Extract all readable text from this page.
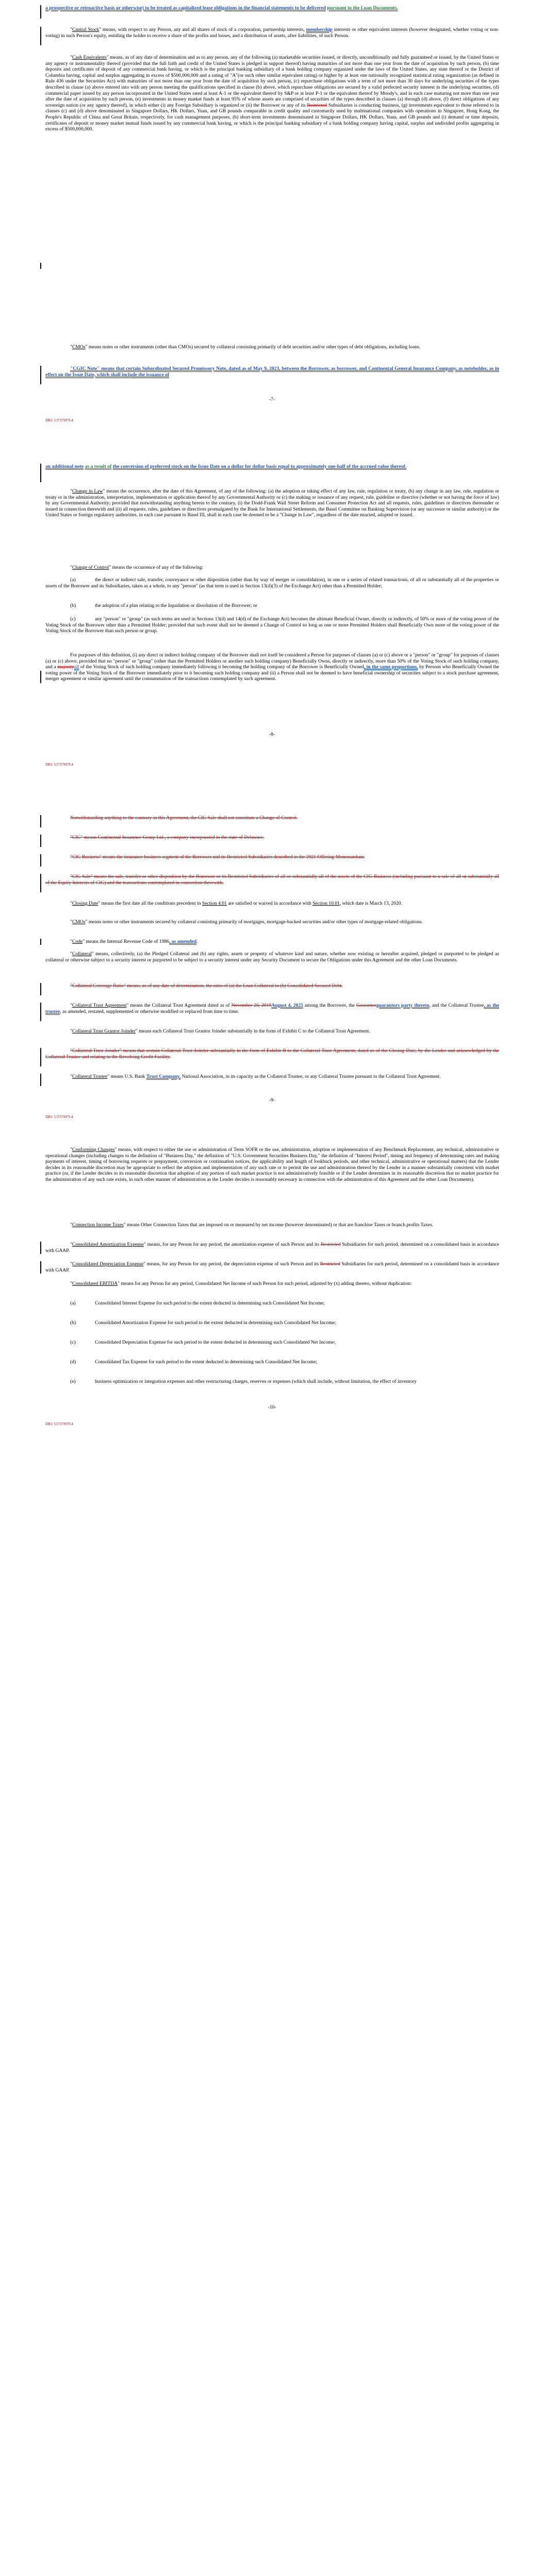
a prospective or retroactive basis or otherwise) to be treated as capitalized lease obligations in the financial statements to be delivered pursuant to the Loan Documents.

"Capital Stock" means, with respect to any Person, any and all shares of stock of a corporation, partnership interests, membership interests or other equivalent interests (however designated, whether voting or non-voting) in such Person's equity, entitling the holder to receive a share of the profits and losses, and a distribution of assets, after liabilities, of such Person.

"Cash Equivalents" means, as of any date of determination and as to any person, any of the following (a) marketable securities issued, or directly, unconditionally and fully guaranteed or issued, by the United States or any agency or instrumentality thereof (provided that the full faith and credit of the United States is pledged in support thereof) having maturities of not more than one year from the date of acquisition by such person, (b) time deposits and certificates of deposit of any commercial bank having, or which is the principal banking subsidiary of a bank holding company organized under the laws of the United States, any state thereof or the District of Columbia having, capital and surplus aggregating in excess of $500,000,000 and a rating of "A"(or such other similar equivalent rating) or higher by at least one nationally recognized statistical rating organization (as defined in Rule 436 under the Securities Act) with maturities of not more than one year from the date of acquisition by such person, (c) repurchase obligations with a term of not more than 30 days for underlying securities of the types described in clause (a) above entered into with any person meeting the qualifications specified in clause (b) above, which repurchase obligations are secured by a valid perfected security interest in the underlying securities, (d) commercial paper issued by any person incorporated in the United States rated at least A-1 or the equivalent thereof by S&P or at least P-1 or the equivalent thereof by Moody's, and in each case maturing not more than one year after the date of acquisition by such person, (e) investments in money market funds at least 95% of whose assets are comprised of securities of the types described in clauses (a) through (d) above, (f) direct obligations of any sovereign nation (or any agency thereof), in which either (i) any Foreign Subsidiary is organized or (ii) the Borrower or any of its Restricted Subsidiaries is conducting business, (g) investments equivalent to those referred to in clauses (c) and (d) above denominated in Singapore Dollars, HK Dollars, Yuan, and GB pounds comparable in credit quality and customarily used by multinational companies with operations in Singapore, Hong Kong, the People's Republic of China and Great Britain, respectively, for cash management purposes, (h) short-term investments denominated in Singapore Dollars, HK Dollars, Yuan, and GB pounds and (i) demand or time deposits, certificates of deposit or money market mutual funds issued by any commercial bank having, or which is the principal banking subsidiary of a bank holding company having capital, surplus and undivided profits aggregating in excess of $500,000,000.

"CMOs" means notes or other instruments (other than CMOs) secured by collateral consisting primarily of debt securities and/or other types of debt obligations, including loans.

"CGIC Note" means that certain Subordinated Secured Promissory Note, dated as of May 9, 2023, between the Borrower, as borrower, and Continental General Insurance Company, as noteholder, as in effect on the Issue Date, which shall include the issuance of

-7-
DB1/ 137379979.4

an additional note as a result of the conversion of preferred stock on the Issue Date on a dollar for dollar basis equal to approximately one-half of the accrued value thereof.

"Change in Law" means the occurrence, after the date of this Agreement, of any of the following: (a) the adoption or taking effect of any law, rule, regulation or treaty, (b) any change in any law, rule, regulation or treaty or in the administration, interpretation, implementation or application thereof by any Governmental Authority or (c) the making or issuance of any request, rule, guideline or directive (whether or not having the force of law) by any Governmental Authority; provided that notwithstanding anything herein to the contrary, (i) the Dodd-Frank Wall Street Reform and Consumer Protection Act and all requests, rules, guidelines or directives thereunder or issued in connection therewith and (ii) all requests, rules, guidelines or directives promulgated by the Bank for International Settlements, the Basel Committee on Banking Supervision (or any successor or similar authority) or the United States or foreign regulatory authorities, in each case pursuant to Basel III, shall in each case be deemed to be a "Change in Law", regardless of the date enacted, adopted or issued.

"Change of Control" means the occurrence of any of the following:

(a)	the direct or indirect sale, transfer, conveyance or other disposition (other than by way of merger or consolidation), in one or a series of related transactions, of all or substantially all of the properties or assets of the Borrower and its Subsidiaries, taken as a whole, to any "person" (as that term is used in Section 13(d)(3) of the Exchange Act) other than a Permitted Holder;

(b)	the adoption of a plan relating to the liquidation or dissolution of the Borrower; or

(c)	any "person" or "group" (as such terms are used in Sections 13(d) and 14(d) of the Exchange Act) becomes the ultimate Beneficial Owner, directly or indirectly, of 50% or more of the voting power of the Voting Stock of the Borrower other than a Permitted Holder; provided that such event shall not be deemed a Change of Control so long as one or more Permitted Holders shall Beneficially Own more of the voting power of the Voting Stock of the Borrower than such person or group.

For purposes of this definition, (i) any direct or indirect holding company of the Borrower shall not itself be considered a Person for purposes of clauses (a) or (c) above or a "person" or "group" for purposes of clauses (a) or (c) above, provided that no "person" or "group" (other than the Permitted Holders or another such holding company) Beneficially Owns, directly or indirectly, more than 50% of the Voting Stock of such holding company, and a majorityall of the Voting Stock of such holding company immediately following it becoming the holding company of the Borrower is Beneficially Owned, in the same proportions, by Persons who Beneficially Owned the voting power of the Voting Stock of the Borrower immediately prior to it becoming such holding company and (ii) a Person shall not be deemed to have beneficial ownership of securities subject to a stock purchase agreement, merger agreement or similar agreement until the consummation of the transactions contemplated by such agreement.

-8-
DB1/ 137379979.4

Notwithstanding anything to the contrary in this Agreement, the CIG Sale shall not constitute a Change of Control.

"CIG" means Continental Insurance Group Ltd., a company incorporated in the state of Delaware.

"CIG Business" means the insurance business segment of the Borrower and its Restricted Subsidiaries described in the 2021 Offering Memorandum.

"CIG Sale" means the sale, transfer or other disposition by the Borrower or its Restricted Subsidiaries of all or substantially all of the assets of the CIG Business (including pursuant to a sale of all or substantially all of the Equity Interests of CIG) and the transactions contemplated in connection therewith.

"Closing Date" means the first date all the conditions precedent in Section 4.01 are satisfied or waived in accordance with Section 10.01, which date is March 13, 2020.

"CMOs" means notes or other instruments secured by collateral consisting primarily of mortgages, mortgage-backed securities and/or other types of mortgage-related obligations.

"Code" means the Internal Revenue Code of 1986, as amended.

"Collateral" means, collectively, (a) the Pledged Collateral and (b) any rights, assets or property of whatever kind and nature, whether now existing or hereafter acquired, pledged or purported to be pledged as collateral or otherwise subject to a security interest or purported to be subject to a security interest under any Security Document to secure the Obligations under this Agreement and the other Loan Documents.

"Collateral Coverage Ratio" means, as of any date of determination, the ratio of (a) the Loan Collateral to (b) Consolidated Secured Debt.

"Collateral Trust Agreement" means the Collateral Trust Agreement dated as of November 20, 2019August 4, 2025 among the Borrower, the Guarantorguarantors party thereto, and the Collateral Trustee, as the trustee, as amended, restated, supplemented or otherwise modified or replaced from time to time.

"Collateral Trust Grantor Joinder" means each Collateral Trust Grantor Joinder substantially in the form of Exhibit C to the Collateral Trust Agreement.

"Collateral Trust Joinder" means that certain Collateral Trust Joinder substantially in the form of Exhibit B to the Collateral Trust Agreement, dated as of the Closing Date, by the Lender and acknowledged by the Collateral Trustee and relating to the Revolving Credit Facility.

"Collateral Trustee" means U.S. Bank Trust Company, National Association, in its capacity as the Collateral Trustee, or any Collateral Trustee pursuant to the Collateral Trust Agreement.

-9-
DB1/ 137379979.4

"Conforming Changes" means, with respect to either the use or administration of Term SOFR or the use, administration, adoption or implementation of any Benchmark Replacement, any technical, administrative or operational changes (including changes to the definition of "Business Day," the definition of "U.S. Government Securities Business Day," the definition of "Interest Period", timing and frequency of determining rates and making payments of interest, timing of borrowing requests or prepayment, conversion or continuation notices, the applicability and length of lookback periods, and other technical, administrative or operational matters) that the Lender decides in its reasonable discretion may be appropriate to reflect the adoption and implementation of any such rate or to permit the use and administration thereof by the Lender in a manner substantially consistent with market practice (or, if the Lender decides in its reasonable discretion that adoption of any portion of such market practice is not administratively feasible or if the Lender determines in its reasonable discretion that no market practice for the administration of any such rate exists, in such other manner of administration as the Lender decides is reasonably necessary in connection with the administration of this Agreement and the other Loan Documents).

"Connection Income Taxes" means Other Connection Taxes that are imposed on or measured by net income (however denominated) or that are franchise Taxes or branch profits Taxes.

"Consolidated Amortization Expense" means, for any Person for any period, the amortization expense of such Person and its Restricted Subsidiaries for such period, determined on a consolidated basis in accordance with GAAP.

"Consolidated Depreciation Expense" means, for any Person for any period, the depreciation expense of such Person and its Restricted Subsidiaries for such period, determined on a consolidated basis in accordance with GAAP.

"Consolidated EBITDA" means for any Person for any period, Consolidated Net Income of such Person for such period, adjusted by (x) adding thereto, without duplication:

(a)	Consolidated Interest Expense for such period to the extent deducted in determining such Consolidated Net Income;

(b)	Consolidated Amortization Expense for such period to the extent deducted in determining such Consolidated Net Income;

(c)	Consolidated Depreciation Expense for such period to the extent deducted in determining such Consolidated Net Income;

(d)	Consolidated Tax Expense for such period to the extent deducted in determining such Consolidated Net Income;

(e)	business optimization or integration expenses and other restructuring charges, reserves or expenses (which shall include, without limitation, the effect of inventory

-10-
DB1/ 137379979.4
